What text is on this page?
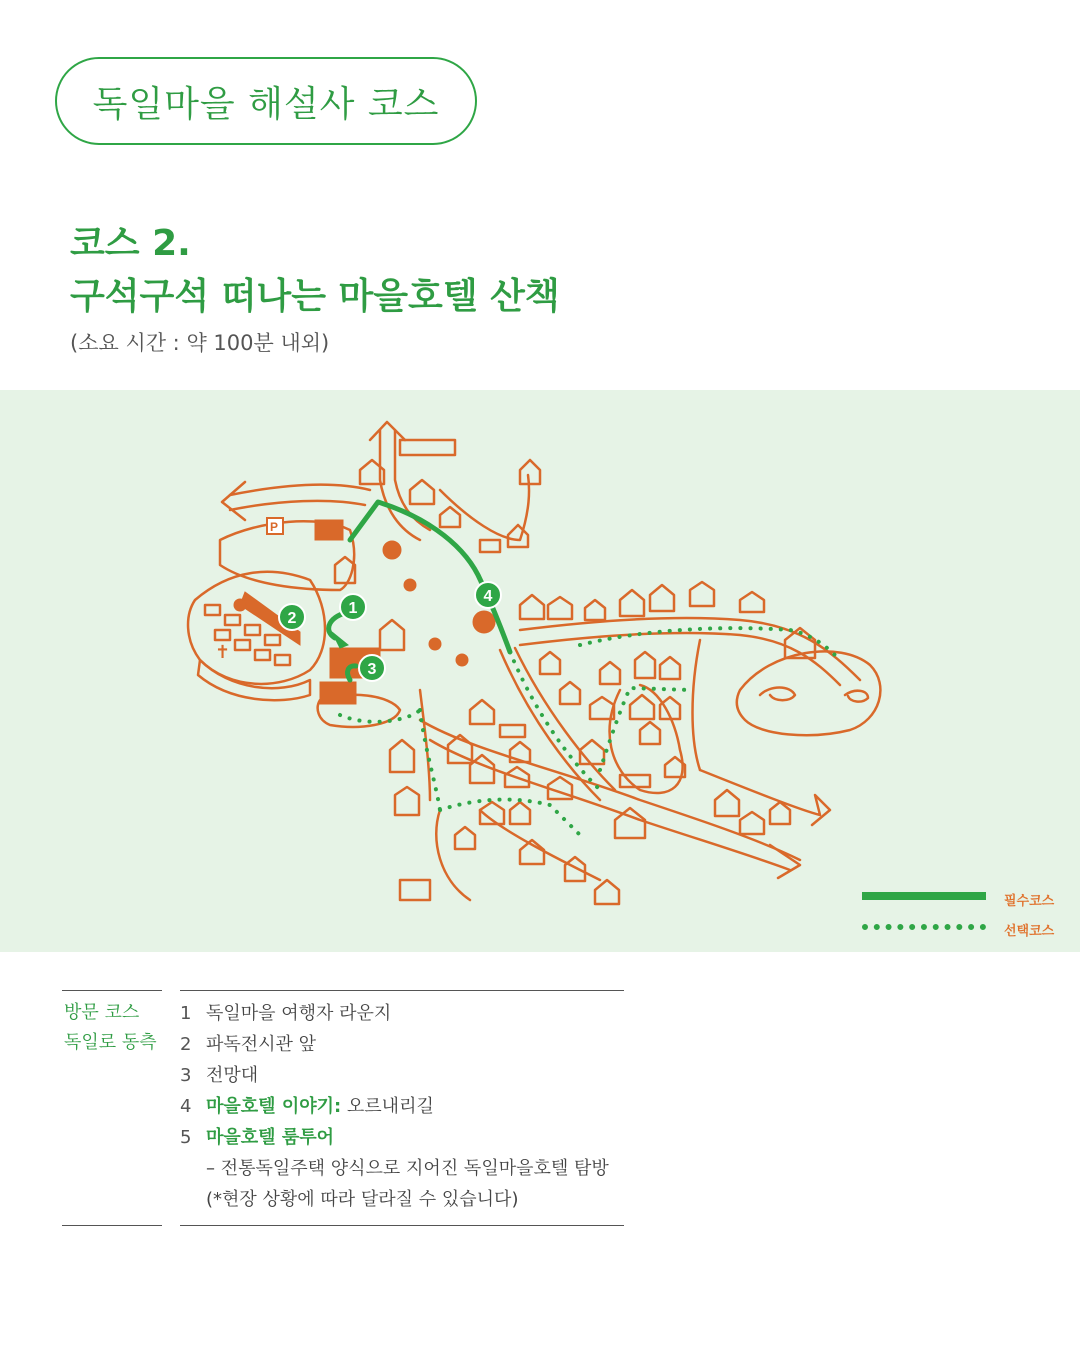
독일마을 해설사 코스
코스 2.
구석구석 떠나는 마을호텔 산책
(소요 시간 : 약 100분 내외)
P
✝
1
2
3
4
필수코스
선택코스
방문 코스
독일로 동측
1 독일마을 여행자 라운지
2 파독전시관 앞
3 전망대
4 마을호텔 이야기: 오르내리길
5 마을호텔 룸투어
– 전통독일주택 양식으로 지어진 독일마을호텔 탐방
(*현장 상황에 따라 달라질 수 있습니다)
